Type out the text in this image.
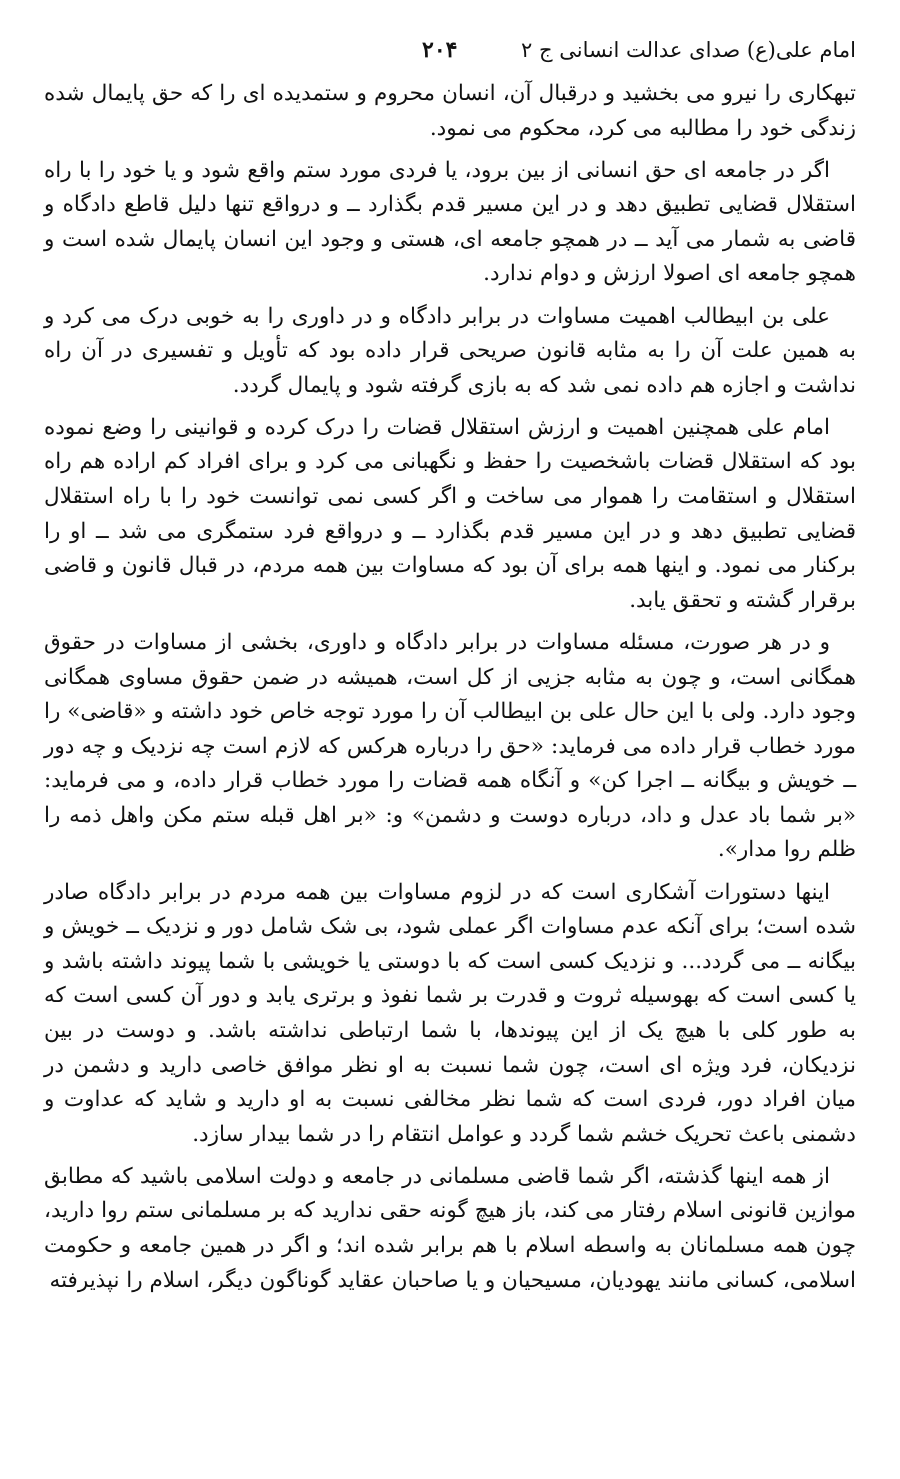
امام علی(ع) صدای عدالت انسانی ج ۲
۲۰۴

تبهکاری را نیرو می بخشید و درقبال آن، انسان محروم و ستمدیده ای را که حق پایمال شده زندگی خود را مطالبه می کرد، محکوم می نمود.

اگر در جامعه ای حق انسانی از بین برود، یا فردی مورد ستم واقع شود و یا خود را با راه استقلال قضایی تطبیق دهد و در این مسیر قدم بگذارد ــ و درواقع تنها دلیل قاطع دادگاه و قاضی به شمار می آید ــ در همچو جامعه ای، هستی و وجود این انسان پایمال شده است و همچو جامعه ای اصولا ارزش و دوام ندارد.

علی بن ابیطالب اهمیت مساوات در برابر دادگاه و در داوری را به خوبی درک می کرد و به همین علت آن را به مثابه قانون صریحی قرار داده بود که تأویل و تفسیری در آن راه نداشت و اجازه هم داده نمی شد که به بازی گرفته شود و پایمال گردد.

امام علی همچنین اهمیت و ارزش استقلال قضات را درک کرده و قوانینی را وضع نموده بود که استقلال قضات باشخصیت را حفظ و نگهبانی می کرد و برای افراد کم اراده هم راه استقلال و استقامت را هموار می ساخت و اگر کسی نمی توانست خود را با راه استقلال قضایی تطبیق دهد و در این مسیر قدم بگذارد ــ و درواقع فرد ستمگری می شد ــ او را برکنار می نمود. و اینها همه برای آن بود که مساوات بین همه مردم، در قبال قانون و قاضی برقرار گشته و تحقق یابد.

و در هر صورت، مسئله مساوات در برابر دادگاه و داوری، بخشی از مساوات در حقوق همگانی است، و چون به مثابه جزیی از کل است، همیشه در ضمن حقوق مساوی همگانی وجود دارد. ولی با این حال علی بن ابیطالب آن را مورد توجه خاص خود داشته و «قاضی» را مورد خطاب قرار داده می فرماید: «حق را درباره هرکس که لازم است چه نزدیک و چه دور ــ خویش و بیگانه ــ اجرا کن» و آنگاه همه قضات را مورد خطاب قرار داده، و می فرماید: «بر شما باد عدل و داد، درباره دوست و دشمن» و: «بر اهل قبله ستم مکن واهل ذمه را ظلم روا مدار».

اینها دستورات آشکاری است که در لزوم مساوات بین همه مردم در برابر دادگاه صادر شده است؛ برای آنکه عدم مساوات اگر عملی شود، بی شک شامل دور و نزدیک ــ خویش و بیگانه ــ می گردد... و نزدیک کسی است که با دوستی یا خویشی با شما پیوند داشته باشد و یا کسی است که بهوسیله ثروت و قدرت بر شما نفوذ و برتری یابد و دور آن کسی است که به طور کلی با هیچ یک از این پیوندها، با شما ارتباطی نداشته باشد. و دوست در بین نزدیکان، فرد ویژه ای است، چون شما نسبت به او نظر موافق خاصی دارید و دشمن در میان افراد دور، فردی است که شما نظر مخالفی نسبت به او دارید و شاید که عداوت و دشمنی باعث تحریک خشم شما گردد و عوامل انتقام را در شما بیدار سازد.

از همه اینها گذشته، اگر شما قاضی مسلمانی در جامعه و دولت اسلامی باشید که مطابق موازین قانونی اسلام رفتار می کند، باز هیچ گونه حقی ندارید که بر مسلمانی ستم روا دارید، چون همه مسلمانان به واسطه اسلام با هم برابر شده اند؛ و اگر در همین جامعه و حکومت اسلامی، کسانی مانند یهودیان، مسیحیان و یا صاحبان عقاید گوناگون دیگر، اسلام را نپذیرفته
